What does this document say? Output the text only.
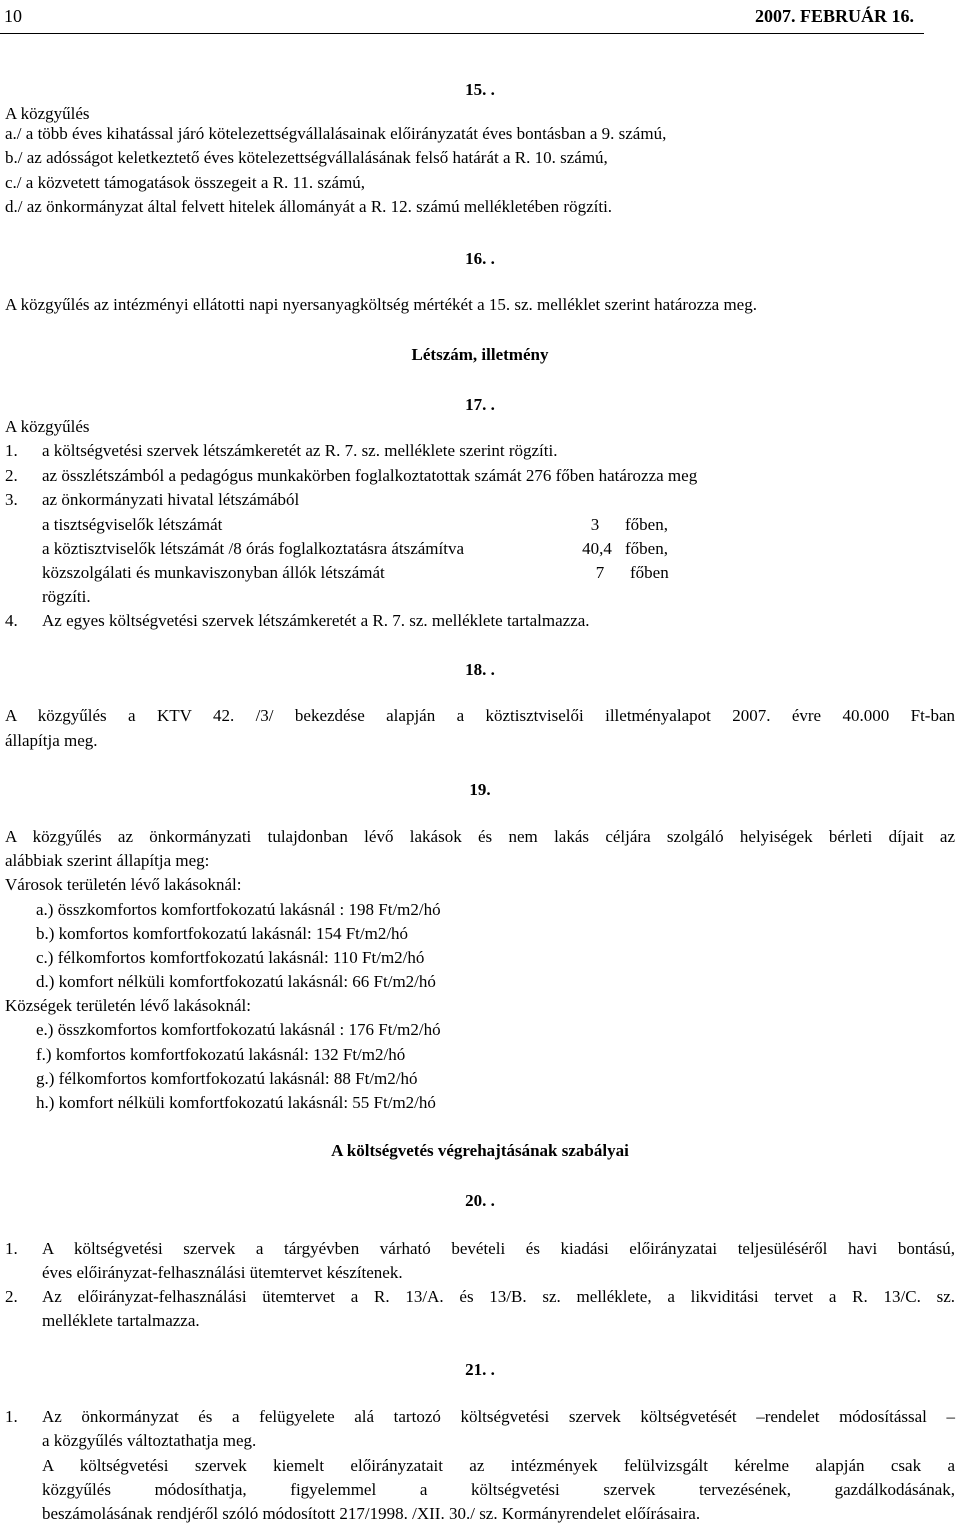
10	2007. FEBRUÁR 16.
15. .
A közgyűlés
a./ a több éves kihatással járó kötelezettségvállalásainak előirányzatát éves bontásban a 9. számú,
b./ az adósságot keletkeztető éves kötelezettségvállalásának felső határát a R. 10. számú,
c./ a közvetett támogatások összegeit a R. 11. számú,
d./ az önkormányzat által felvett hitelek állományát a R. 12. számú mellékletében rögzíti.
16. .
A közgyűlés az intézményi ellátotti napi nyersanyagköltség mértékét a 15. sz. melléklet szerint határozza meg.
Létszám, illetmény
17. .
A közgyűlés
1. a költségvetési szervek létszámkeretét az R. 7. sz. melléklete szerint rögzíti.
2. az összlétszámból a pedagógus munkakörben foglalkoztatottak számát 276 főben határozza meg
3. az önkormányzati hivatal létszámából
a tisztségviselők létszámát	3	főben,
a köztisztviselők létszámát /8 órás foglalkoztatásra átszámítva	40,4 főben,
közszolgálati és munkaviszonyban állók létszámát	7	főben
rögzíti.
4. Az egyes költségvetési szervek létszámkeretét a R. 7. sz. melléklete tartalmazza.
18. .
A közgyűlés a KTV 42. /3/ bekezdése alapján a köztisztviselői illetményalapot 2007. évre 40.000 Ft-ban
állapítja meg.
19.
A közgyűlés az önkormányzati tulajdonban lévő lakások és nem lakás céljára szolgáló helyiségek bérleti díjait az
alábbiak szerint állapítja meg:
Városok területén lévő lakásoknál:
a.) összkomfortos komfortfokozatú lakásnál : 198 Ft/m2/hó
b.) komfortos komfortfokozatú lakásnál: 154 Ft/m2/hó
c.) félkomfortos komfortfokozatú lakásnál: 110 Ft/m2/hó
d.) komfort nélküli komfortfokozatú lakásnál: 66 Ft/m2/hó
Községek területén lévő lakásoknál:
e.) összkomfortos komfortfokozatú lakásnál : 176 Ft/m2/hó
f.) komfortos komfortfokozatú lakásnál: 132 Ft/m2/hó
g.) félkomfortos komfortfokozatú lakásnál: 88 Ft/m2/hó
h.) komfort nélküli komfortfokozatú lakásnál: 55 Ft/m2/hó
A költségvetés végrehajtásának szabályai
20. .
1. A költségvetési szervek a tárgyévben várható bevételi és kiadási előirányzatai teljesüléséről havi bontású,
éves előirányzat-felhasználási ütemtervet készítenek.
2. Az előirányzat-felhasználási ütemtervet a R. 13/A. és 13/B. sz. melléklete, a likviditási tervet a R. 13/C. sz.
melléklete tartalmazza.
21. .
1. Az önkormányzat és a felügyelete alá tartozó költségvetési szervek költségvetését –rendelet módosítással –
a közgyűlés változtathatja meg.
A költségvetési szervek kiemelt előirányzatait az intézmények felülvizsgált kérelme alapján csak a
közgyűlés módosíthatja, figyelemmel a költségvetési szervek tervezésének, gazdálkodásának,
beszámolásának rendjéről szóló módosított 217/1998. /XII. 30./ sz. Kormányrendelet előírásaira.
